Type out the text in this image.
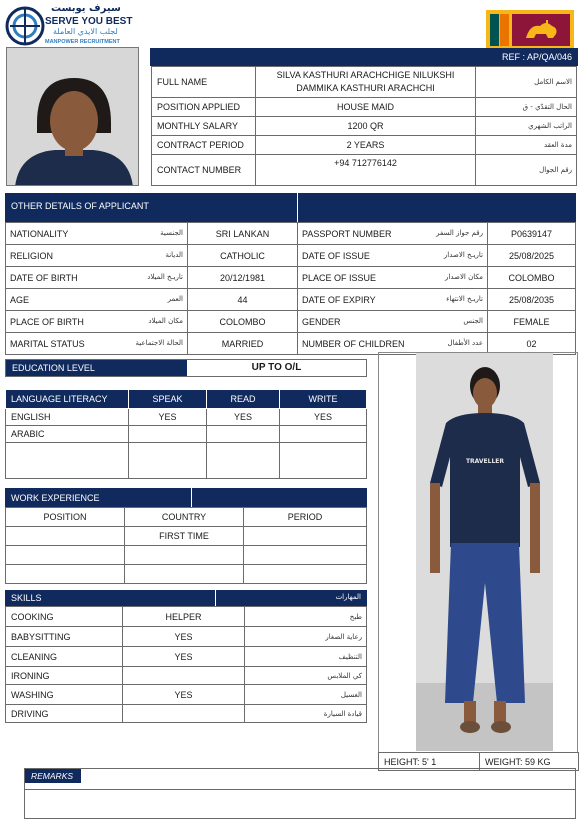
سيرف يوبست
SERVE YOU BEST
لجلب الايدي العاملة
MANPOWER RECRUITMENT
REF : AP/QA/046
FULL NAME	SILVA KASTHURI ARACHCHIGE NILUKSHI DAMMIKA KASTHURI ARACHCHI	الاسم الكامل
POSITION APPLIED	HOUSE MAID	الحال التقدّي - ق
MONTHLY SALARY	1200 QR	الراتب الشهري
CONTRACT PERIOD	2 YEARS	مدة العقد
CONTACT NUMBER	+94 712776142	رقم الجوال
OTHER DETAILS OF APPLICANT
NATIONALITY الجنسية	SRI LANKAN	PASSPORT NUMBER رقم جواز السفر	P0639147
RELIGION الديانة	CATHOLIC	DATE OF ISSUE تاريـخ الاصدار	25/08/2025
DATE OF BIRTH تاريـخ الميلاد	20/12/1981	PLACE OF ISSUE مكان الاصدار	COLOMBO
AGE العمر	44	DATE OF EXPIRY تاريـخ الانتهاء	25/08/2035
PLACE OF BIRTH مكان الميلاد	COLOMBO	GENDER الجنس	FEMALE
MARITAL STATUS الحالة الاجتماعية	MARRIED	NUMBER OF CHILDREN عدد الأطفال	02
EDUCATION LEVEL	UP TO O/L
LANGUAGE LITERACY	SPEAK	READ	WRITE
ENGLISH	YES	YES	YES
ARABIC			

WORK EXPERIENCE
POSITION	COUNTRY	PERIOD
	FIRST TIME	

SKILLS	المهارات
COOKING	HELPER	طبخ
BABYSITTING	YES	رعاية الصغار
CLEANING	YES	التنظيف
IRONING		كي الملابس
WASHING	YES	الغسيل
DRIVING		قيادة السيارة
TRAVELLER
HEIGHT: 5' 1	WEIGHT: 59 KG
REMARKS
